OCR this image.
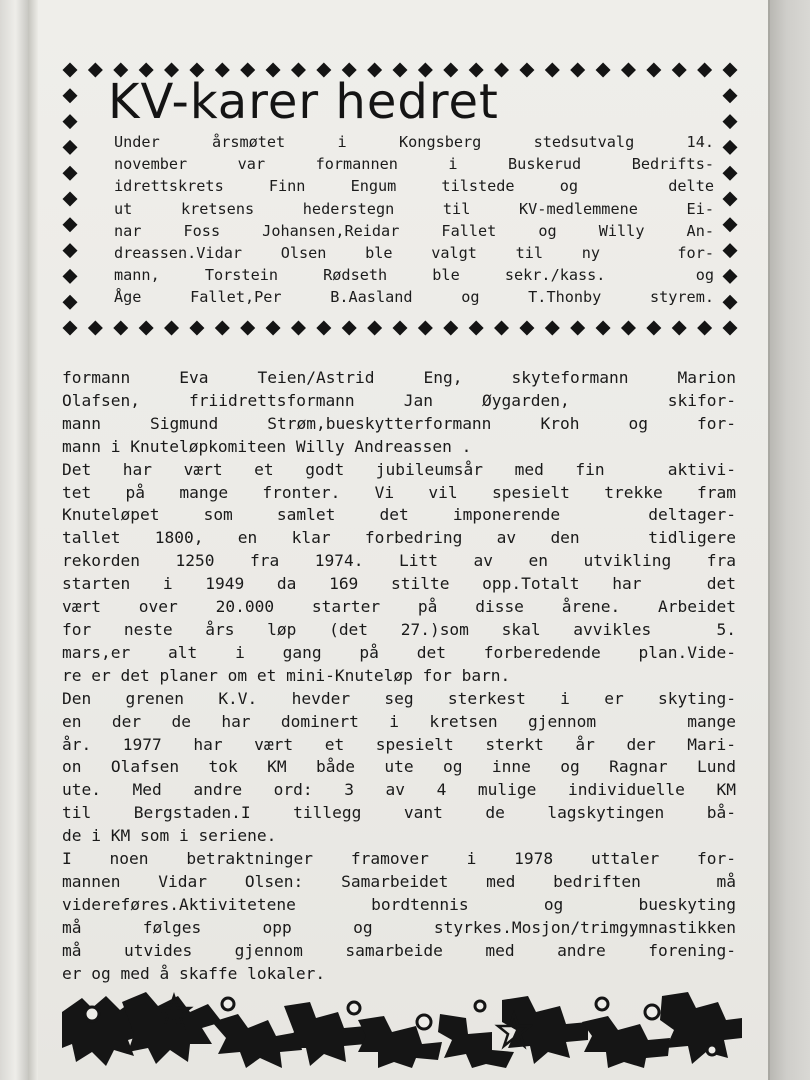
KV-karer hedret
Under årsmøtet i Kongsberg stedsutvalg 14.
november var formannen i Buskerud Bedrifts-
idrettskrets Finn Engum tilstede og  delte
ut kretsens hederstegn til KV-medlemmene Ei-
nar Foss Johansen,Reidar Fallet og Willy An-
dreassen.Vidar Olsen ble valgt til ny  for-
mann, Torstein Rødseth ble sekr./kass.  og
Åge Fallet,Per B.Aasland og T.Thonby styrem.
formann Eva Teien/Astrid Eng, skyteformann Marion
Olafsen, friidrettsformann Jan Øygarden,  skifor-
mann Sigmund Strøm,bueskytterformann Kroh og for-
mann i Knuteløpkomiteen Willy Andreassen .
Det har vært et godt jubileumsår med fin  aktivi-
tet på mange fronter. Vi vil spesielt trekke fram
Knuteløpet som samlet det imponerende  deltager-
tallet 1800, en klar forbedring av den  tidligere
rekorden 1250 fra 1974. Litt av en utvikling fra
starten i 1949 da 169 stilte opp.Totalt har  det
vært over 20.000 starter på disse årene. Arbeidet
for neste års løp (det 27.)som skal avvikles  5.
mars,er alt i gang på det forberedende plan.Vide-
re er det planer om et mini-Knuteløp for barn.
Den grenen K.V. hevder seg sterkest i er skyting-
en der de har dominert i kretsen gjennom   mange
år. 1977 har vært et spesielt sterkt år der Mari-
on Olafsen tok KM både ute og inne og Ragnar Lund
ute. Med andre ord: 3 av 4 mulige individuelle KM
til Bergstaden.I tillegg vant de lagskytingen bå-
de i KM som i seriene.
I noen betraktninger framover i 1978 uttaler for-
mannen Vidar Olsen: Samarbeidet med bedriften  må
videreføres.Aktivitetene bordtennis og bueskyting
må følges opp og styrkes.Mosjon/trimgymnastikken
må utvides gjennom samarbeide med andre forening-
er og med å skaffe lokaler.
